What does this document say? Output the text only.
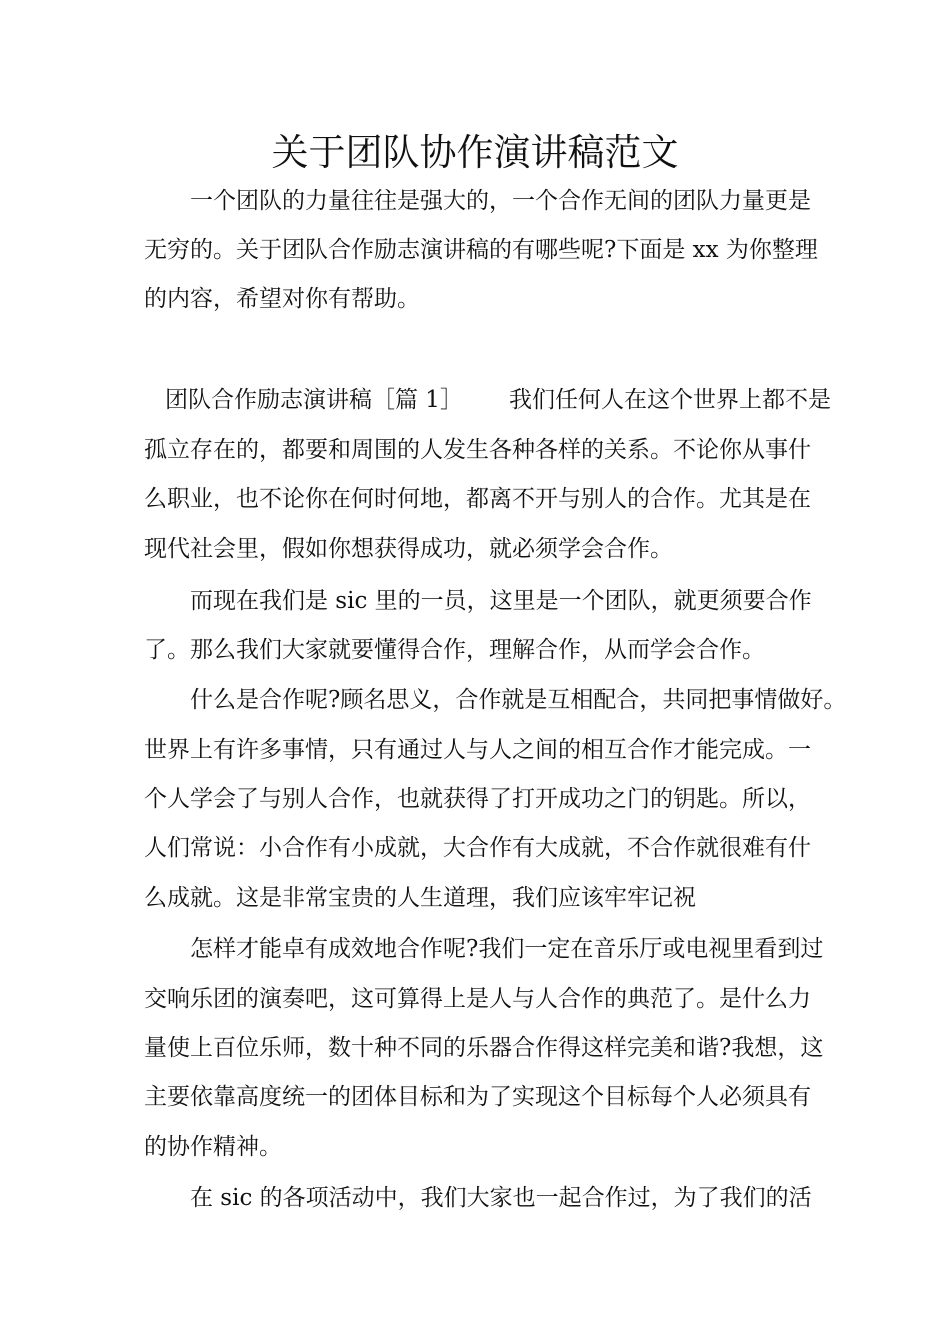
关于团队协作演讲稿范文

一个团队的力量往往是强大的，一个合作无间的团队力量更是

无穷的。关于团队合作励志演讲稿的有哪些呢?下面是 xx 为你整理

的内容，希望对你有帮助。

团队合作励志演讲稿［篇 1］ 我们任何人在这个世界上都不是

孤立存在的，都要和周围的人发生各种各样的关系。不论你从事什

么职业，也不论你在何时何地，都离不开与别人的合作。尤其是在

现代社会里，假如你想获得成功，就必须学会合作。

而现在我们是 sic 里的一员，这里是一个团队，就更须要合作

了。那么我们大家就要懂得合作，理解合作，从而学会合作。

什么是合作呢?顾名思义，合作就是互相配合，共同把事情做好。

世界上有许多事情，只有通过人与人之间的相互合作才能完成。一

个人学会了与别人合作，也就获得了打开成功之门的钥匙。所以，

人们常说：小合作有小成就，大合作有大成就，不合作就很难有什

么成就。这是非常宝贵的人生道理，我们应该牢牢记祝

怎样才能卓有成效地合作呢?我们一定在音乐厅或电视里看到过

交响乐团的演奏吧，这可算得上是人与人合作的典范了。是什么力

量使上百位乐师，数十种不同的乐器合作得这样完美和谐?我想，这

主要依靠高度统一的团体目标和为了实现这个目标每个人必须具有

的协作精神。

在 sic 的各项活动中，我们大家也一起合作过，为了我们的活
